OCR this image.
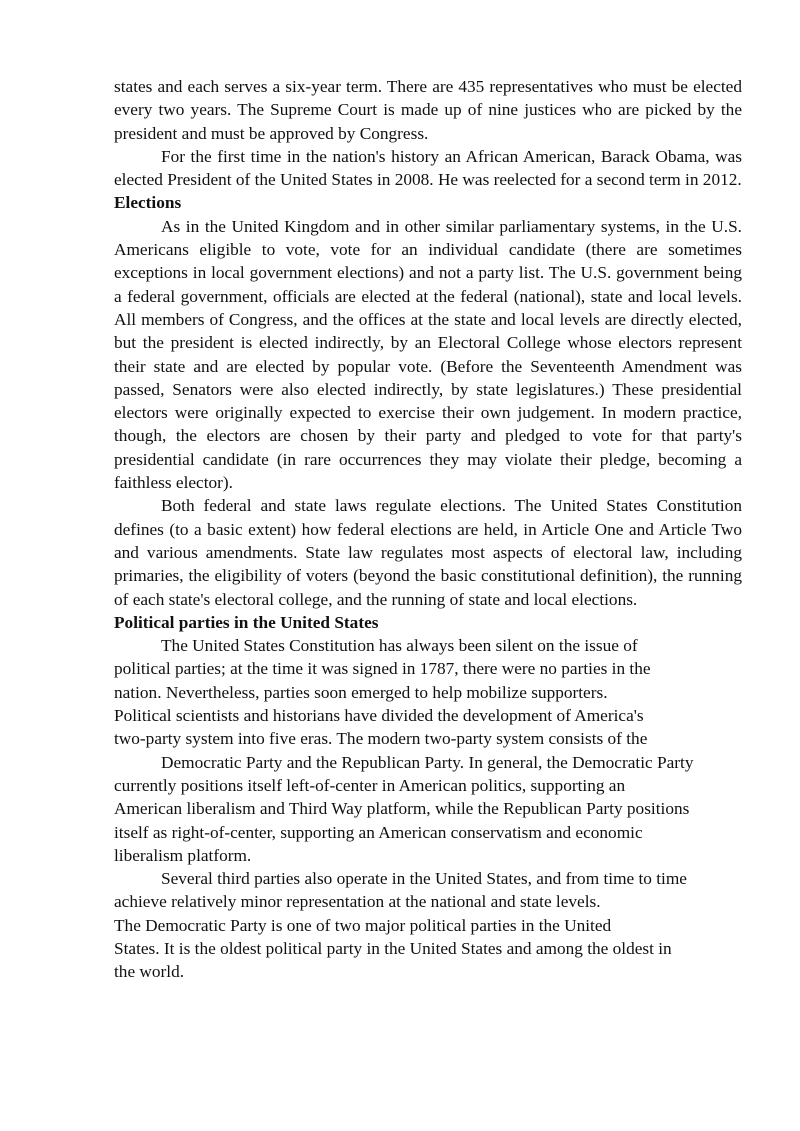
states and each serves a six-year term. There are 435 representatives who must be elected every two years. The Supreme Court is made up of nine justices who are picked by the president and must be approved by Congress.

For the first time in the nation's history an African American, Barack Obama, was elected President of the United States in 2008. He was reelected for a second term in 2012.

Elections

As in the United Kingdom and in other similar parliamentary systems, in the U.S. Americans eligible to vote, vote for an individual candidate (there are sometimes exceptions in local government elections) and not a party list. The U.S. government being a federal government, officials are elected at the federal (national), state and local levels. All members of Congress, and the offices at the state and local levels are directly elected, but the president is elected indirectly, by an Electoral College whose electors represent their state and are elected by popular vote. (Before the Seventeenth Amendment was passed, Senators were also elected indirectly, by state legislatures.) These presidential electors were originally expected to exercise their own judgement. In modern practice, though, the electors are chosen by their party and pledged to vote for that party's presidential candidate (in rare occurrences they may violate their pledge, becoming a faithless elector).

Both federal and state laws regulate elections. The United States Constitution defines (to a basic extent) how federal elections are held, in Article One and Article Two and various amendments. State law regulates most aspects of electoral law, including primaries, the eligibility of voters (beyond the basic constitutional definition), the running of each state's electoral college, and the running of state and local elections.

Political parties in the United States
The United States Constitution has always been silent on the issue of
political parties; at the time it was signed in 1787, there were no parties in the
nation. Nevertheless, parties soon emerged to help mobilize supporters.
Political scientists and historians have divided the development of America's
two-party system into five eras. The modern two-party system consists of the
Democratic Party and the Republican Party. In general, the Democratic Party
currently positions itself left-of-center in American politics, supporting an
American liberalism and Third Way platform, while the Republican Party positions
itself as right-of-center, supporting an American conservatism and economic
liberalism platform.
Several third parties also operate in the United States, and from time to time
achieve relatively minor representation at the national and state levels.
The Democratic Party is one of two major political parties in the United
States. It is the oldest political party in the United States and among the oldest in
the world.
